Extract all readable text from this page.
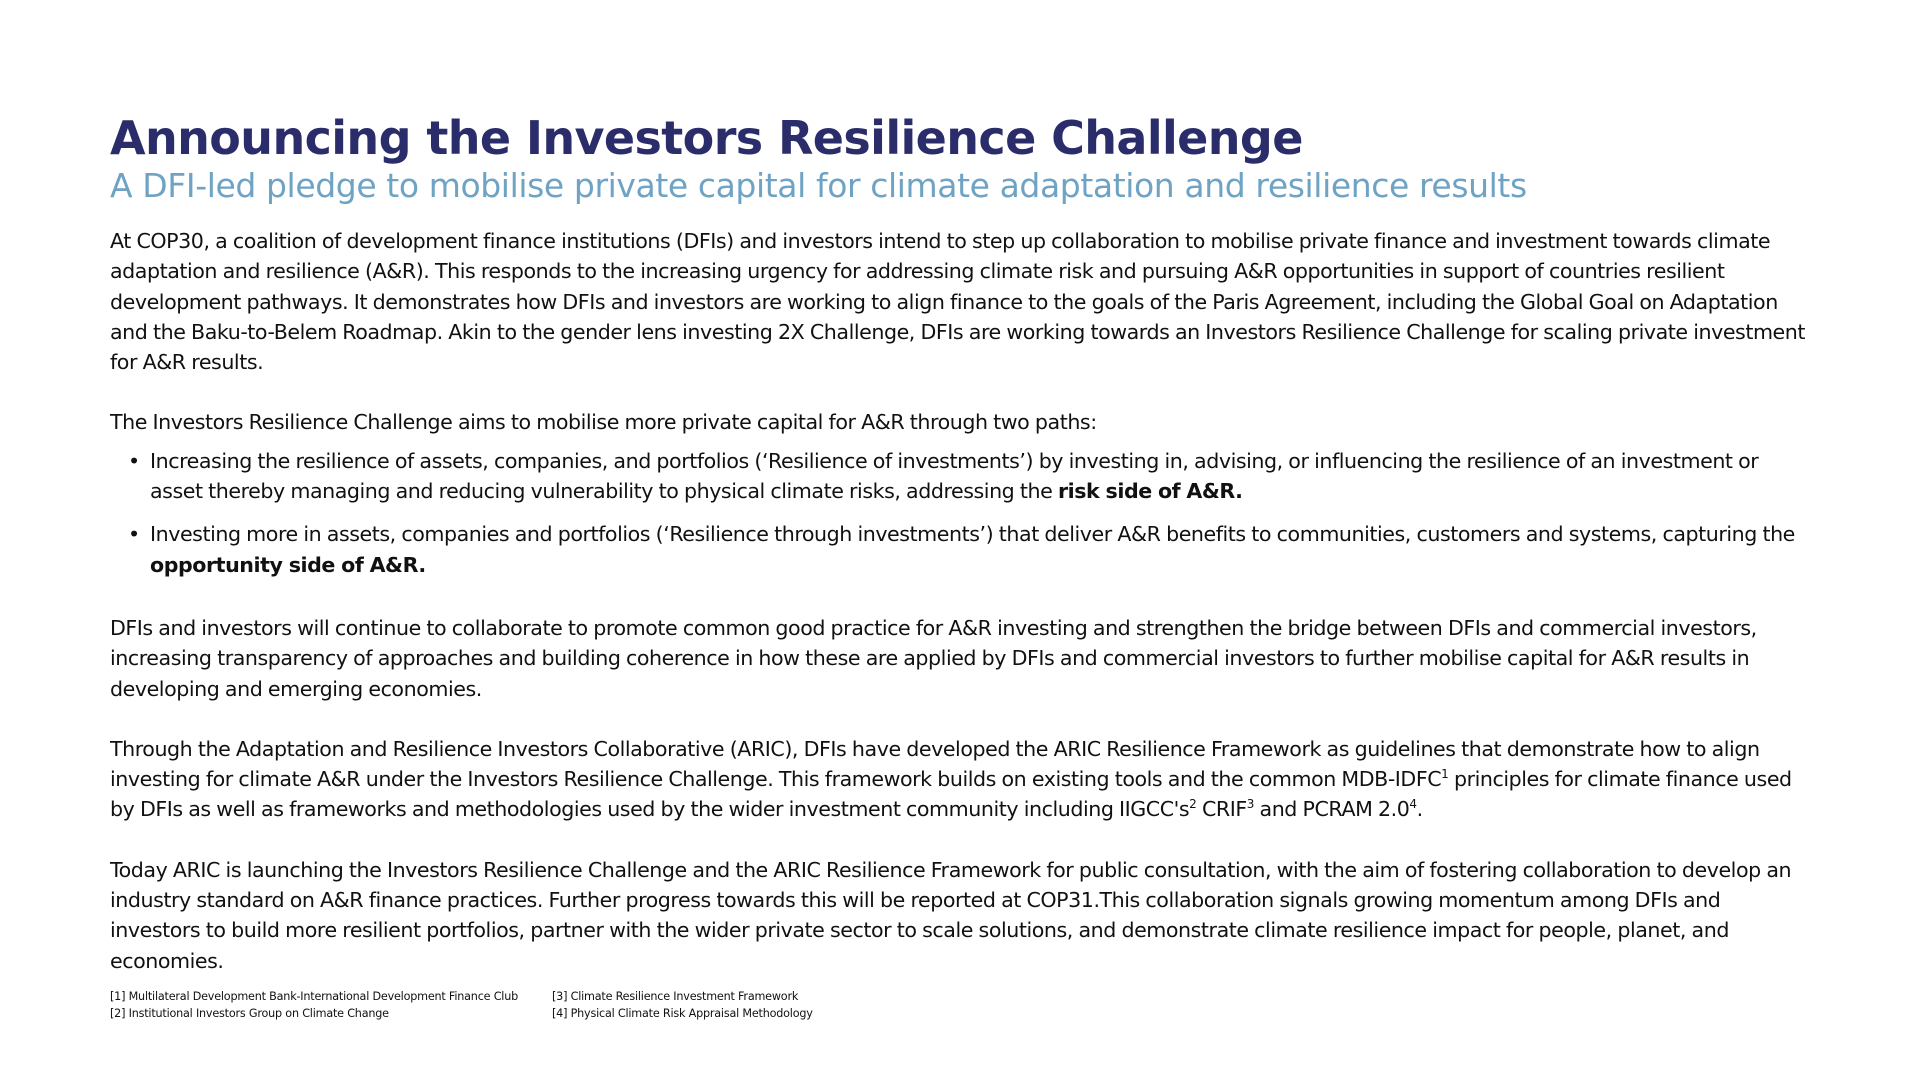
Announcing the Investors Resilience Challenge
A DFI-led pledge to mobilise private capital for climate adaptation and resilience results

At COP30, a coalition of development finance institutions (DFIs) and investors intend to step up collaboration to mobilise private finance and investment towards climate adaptation and resilience (A&R). This responds to the increasing urgency for addressing climate risk and pursuing A&R opportunities in support of countries resilient development pathways. It demonstrates how DFIs and investors are working to align finance to the goals of the Paris Agreement, including the Global Goal on Adaptation and the Baku-to-Belem Roadmap. Akin to the gender lens investing 2X Challenge, DFIs are working towards an Investors Resilience Challenge for scaling private investment for A&R results.

The Investors Resilience Challenge aims to mobilise more private capital for A&R through two paths:

• Increasing the resilience of assets, companies, and portfolios (‘Resilience of investments’) by investing in, advising, or influencing the resilience of an investment or asset thereby managing and reducing vulnerability to physical climate risks, addressing the risk side of A&R.
• Investing more in assets, companies and portfolios (‘Resilience through investments’) that deliver A&R benefits to communities, customers and systems, capturing the opportunity side of A&R.

DFIs and investors will continue to collaborate to promote common good practice for A&R investing and strengthen the bridge between DFIs and commercial investors, increasing transparency of approaches and building coherence in how these are applied by DFIs and commercial investors to further mobilise capital for A&R results in developing and emerging economies.

Through the Adaptation and Resilience Investors Collaborative (ARIC), DFIs have developed the ARIC Resilience Framework as guidelines that demonstrate how to align investing for climate A&R under the Investors Resilience Challenge. This framework builds on existing tools and the common MDB-IDFC$^1$ principles for climate finance used by DFIs as well as frameworks and methodologies used by the wider investment community including $IIGCC's^2$ CRIF$^3$ and PCRAM $2.0^4$.

Today ARIC is launching the Investors Resilience Challenge and the ARIC Resilience Framework for public consultation, with the aim of fostering collaboration to develop an industry standard on A&R finance practices. Further progress towards this will be reported at COP31.This collaboration signals growing momentum among DFIs and investors to build more resilient portfolios, partner with the wider private sector to scale solutions, and demonstrate climate resilience impact for people, planet, and economies.

[1] Multilateral Development Bank-International Development Finance Club
[2] Institutional Investors Group on Climate Change
[3] Climate Resilience Investment Framework
[4] Physical Climate Risk Appraisal Methodology
